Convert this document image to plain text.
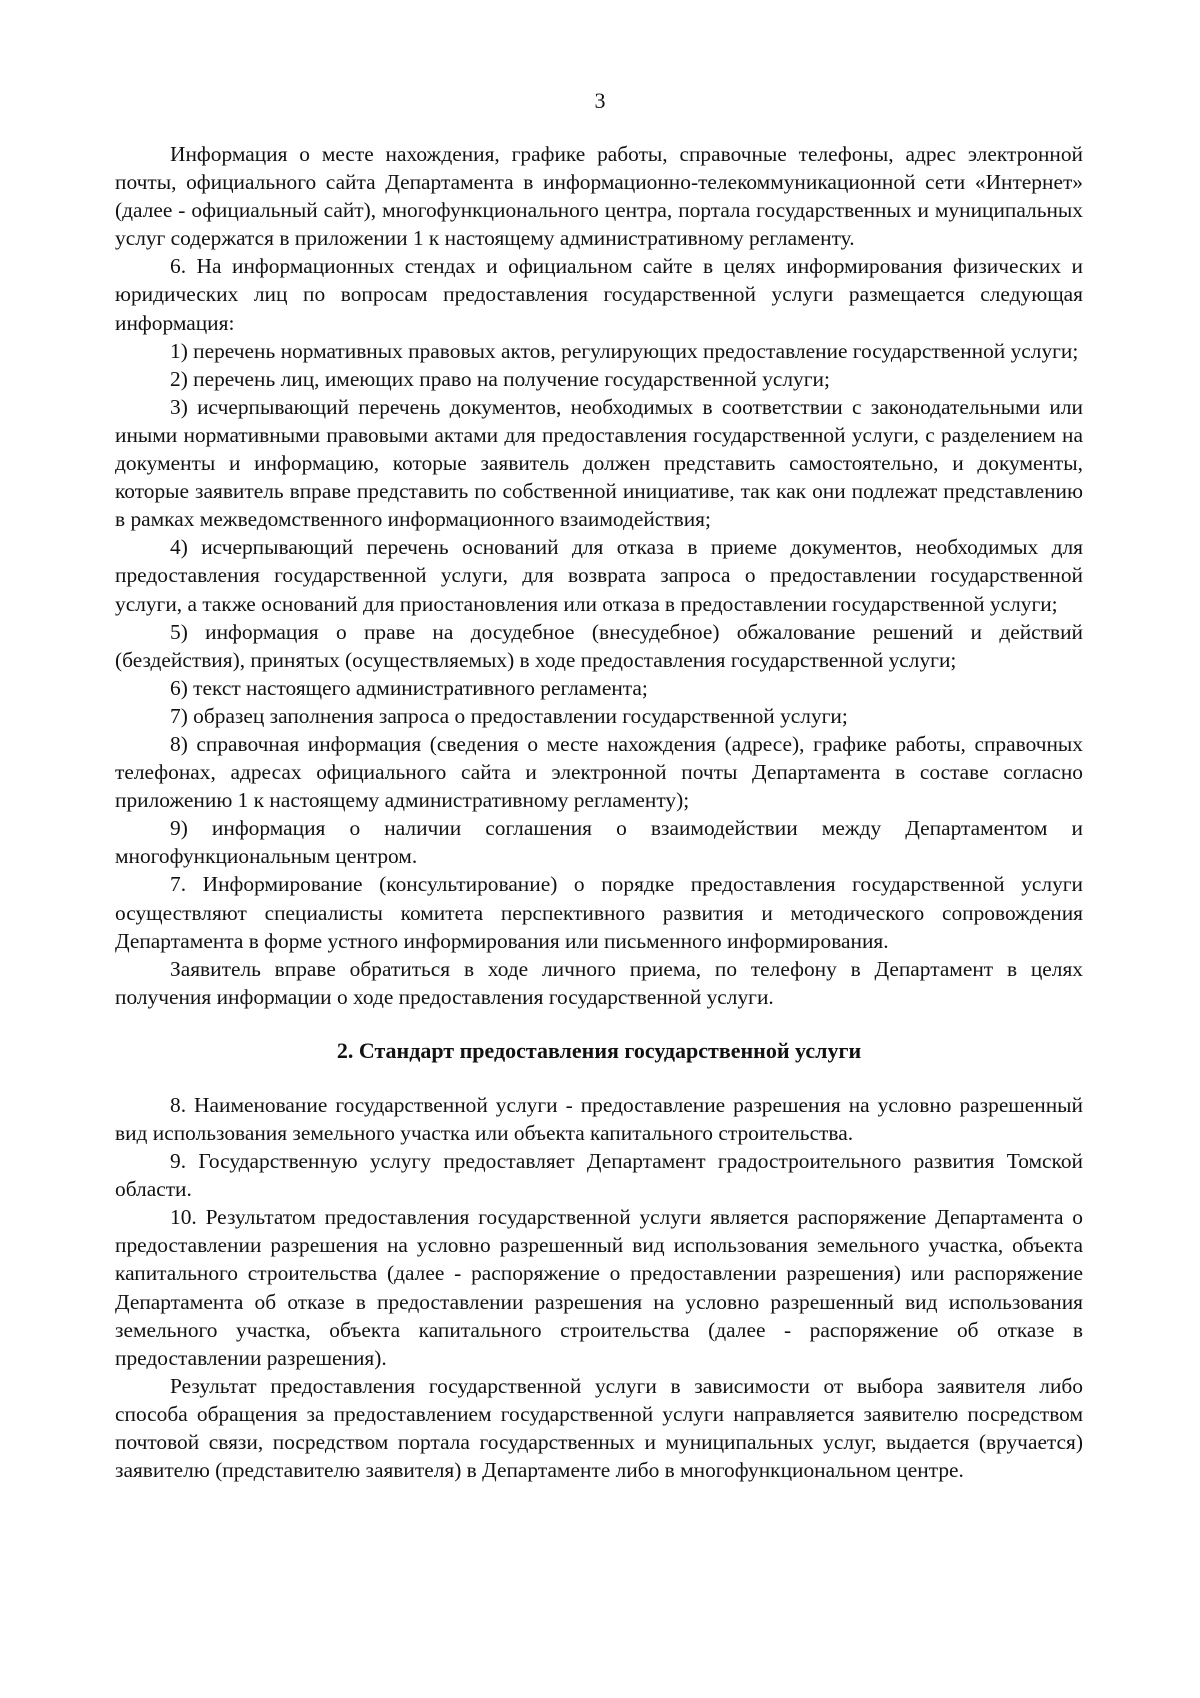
3

Информация о месте нахождения, графике работы, справочные телефоны, адрес электронной почты, официального сайта Департамента в информационно-телекоммуникационной сети «Интернет» (далее - официальный сайт), многофункционального центра, портала государственных и муниципальных услуг содержатся в приложении 1 к настоящему административному регламенту.

6. На информационных стендах и официальном сайте в целях информирования физических и юридических лиц по вопросам предоставления государственной услуги размещается следующая информация:

1) перечень нормативных правовых актов, регулирующих предоставление государственной услуги;

2) перечень лиц, имеющих право на получение государственной услуги;

3) исчерпывающий перечень документов, необходимых в соответствии с законодательными или иными нормативными правовыми актами для предоставления государственной услуги, с разделением на документы и информацию, которые заявитель должен представить самостоятельно, и документы, которые заявитель вправе представить по собственной инициативе, так как они подлежат представлению в рамках межведомственного информационного взаимодействия;

4) исчерпывающий перечень оснований для отказа в приеме документов, необходимых для предоставления государственной услуги, для возврата запроса о предоставлении государственной услуги, а также оснований для приостановления или отказа в предоставлении государственной услуги;

5) информация о праве на досудебное (внесудебное) обжалование решений и действий (бездействия), принятых (осуществляемых) в ходе предоставления государственной услуги;

6) текст настоящего административного регламента;

7) образец заполнения запроса о предоставлении государственной услуги;

8) справочная информация (сведения о месте нахождения (адресе), графике работы, справочных телефонах, адресах официального сайта и электронной почты Департамента в составе согласно приложению 1 к настоящему административному регламенту);

9) информация о наличии соглашения о взаимодействии между Департаментом и многофункциональным центром.

7. Информирование (консультирование) о порядке предоставления государственной услуги осуществляют специалисты комитета перспективного развития и методического сопровождения Департамента в форме устного информирования или письменного информирования.

Заявитель вправе обратиться в ходе личного приема, по телефону в Департамент в целях получения информации о ходе предоставления государственной услуги.

2. Стандарт предоставления государственной услуги

8. Наименование государственной услуги - предоставление разрешения на условно разрешенный вид использования земельного участка или объекта капитального строительства.

9. Государственную услугу предоставляет Департамент градостроительного развития Томской области.

10. Результатом предоставления государственной услуги является распоряжение Департамента о предоставлении разрешения на условно разрешенный вид использования земельного участка, объекта капитального строительства (далее - распоряжение о предоставлении разрешения) или распоряжение Департамента об отказе в предоставлении разрешения на условно разрешенный вид использования земельного участка, объекта капитального строительства (далее - распоряжение об отказе в предоставлении разрешения).

Результат предоставления государственной услуги в зависимости от выбора заявителя либо способа обращения за предоставлением государственной услуги направляется заявителю посредством почтовой связи, посредством портала государственных и муниципальных услуг, выдается (вручается) заявителю (представителю заявителя) в Департаменте либо в многофункциональном центре.
